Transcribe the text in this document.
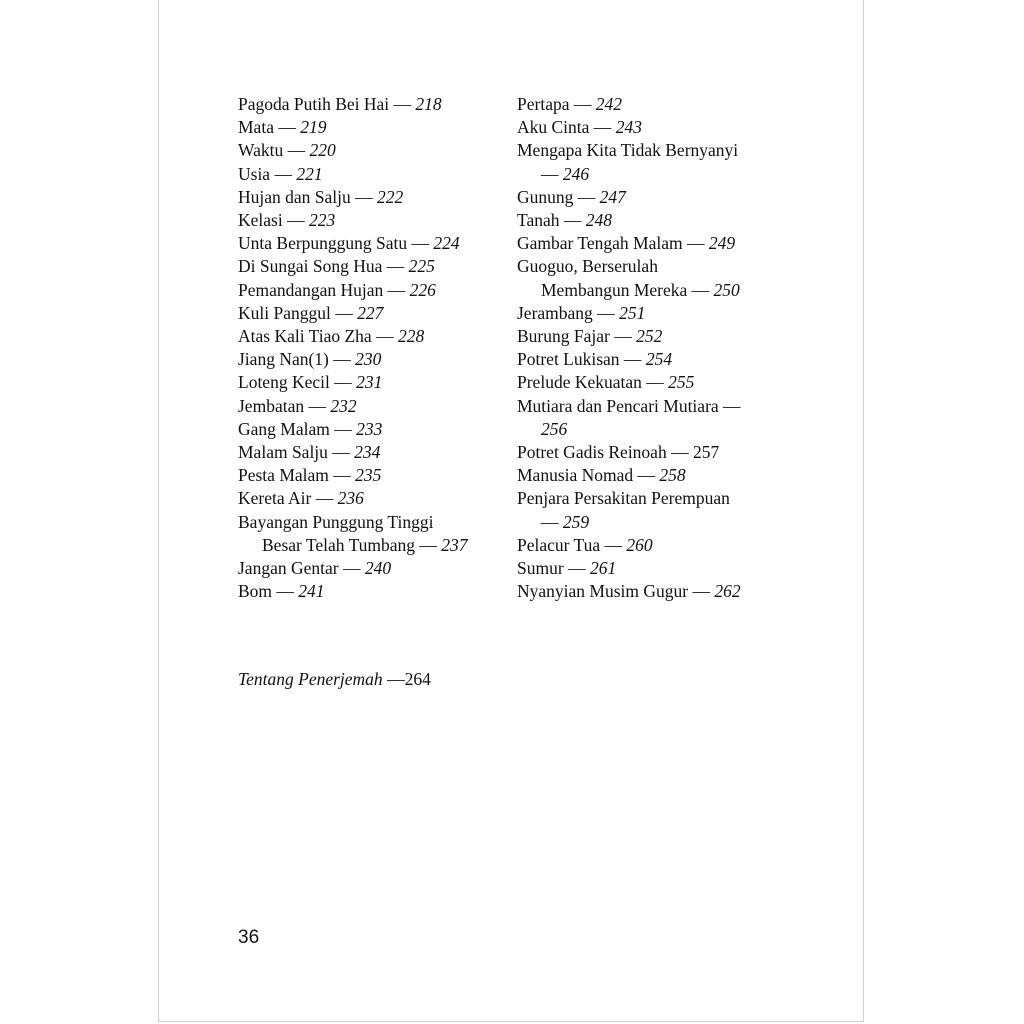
Pagoda Putih Bei Hai — 218
Mata — 219
Waktu — 220
Usia — 221
Hujan dan Salju — 222
Kelasi — 223
Unta Berpunggung Satu — 224
Di Sungai Song Hua — 225
Pemandangan Hujan — 226
Kuli Panggul — 227
Atas Kali Tiao Zha — 228
Jiang Nan(1) — 230
Loteng Kecil — 231
Jembatan — 232
Gang Malam — 233
Malam Salju — 234
Pesta Malam — 235
Kereta Air — 236
Bayangan Punggung Tinggi
Besar Telah Tumbang — 237
Jangan Gentar — 240
Bom — 241
Pertapa — 242
Aku Cinta — 243
Mengapa Kita Tidak Bernyanyi
— 246
Gunung — 247
Tanah — 248
Gambar Tengah Malam — 249
Guoguo, Berserulah
Membangun Mereka — 250
Jerambang — 251
Burung Fajar — 252
Potret Lukisan — 254
Prelude Kekuatan — 255
Mutiara dan Pencari Mutiara —
256
Potret Gadis Reinoah — 257
Manusia Nomad — 258
Penjara Persakitan Perempuan
— 259
Pelacur Tua — 260
Sumur — 261
Nyanyian Musim Gugur — 262
Tentang Penerjemah —264
36
